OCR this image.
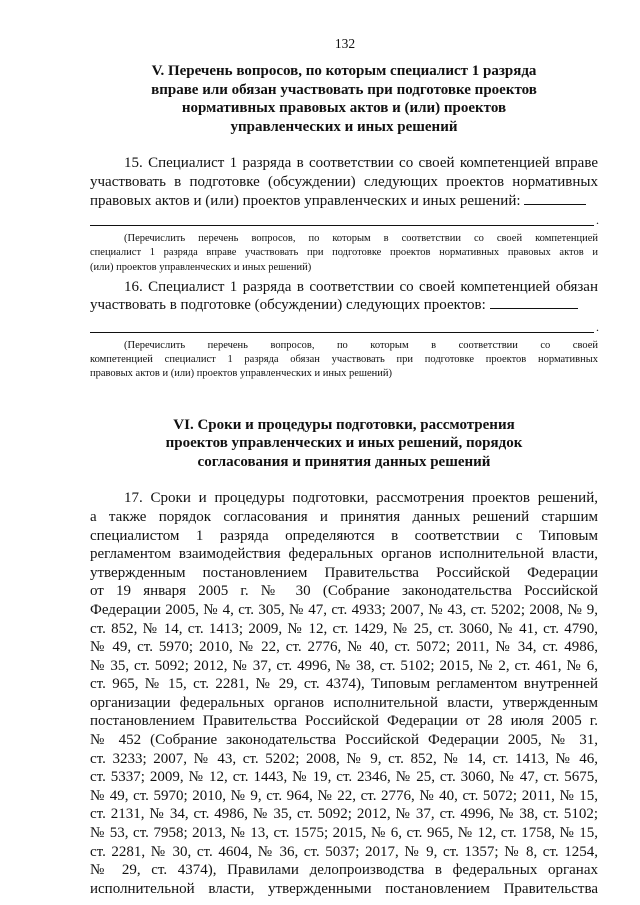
132
V. Перечень вопросов, по которым специалист 1 разряда
вправе или обязан участвовать при подготовке проектов
нормативных правовых актов и (или) проектов
управленческих и иных решений
15. Специалист 1 разряда в соответствии со своей компетенцией вправе
участвовать в подготовке (обсуждении) следующих проектов нормативных
правовых актов и (или) проектов управленческих и иных решений:
.
(Перечислить перечень вопросов, по которым в соответствии со своей компетенцией
специалист 1 разряда вправе участвовать при подготовке проектов нормативных правовых актов и
(или) проектов управленческих и иных решений)
16. Специалист 1 разряда в соответствии со своей компетенцией обязан
участвовать в подготовке (обсуждении) следующих проектов:
.
(Перечислить перечень вопросов, по которым в соответствии со своей
компетенцией специалист 1 разряда обязан участвовать при подготовке проектов нормативных
правовых актов и (или) проектов управленческих и иных решений)
VI. Сроки и процедуры подготовки, рассмотрения
проектов управленческих и иных решений, порядок
согласования и принятия данных решений
17. Сроки и процедуры подготовки, рассмотрения проектов решений,
а также порядок согласования и принятия данных решений старшим
специалистом 1 разряда определяются в соответствии с Типовым
регламентом взаимодействия федеральных органов исполнительной власти,
утвержденным постановлением Правительства Российской Федерации
от 19 января 2005 г. № 30 (Собрание законодательства Российской
Федерации 2005, № 4, ст. 305, № 47, ст. 4933; 2007, № 43, ст. 5202; 2008, № 9,
ст. 852, № 14, ст. 1413; 2009, № 12, ст. 1429, № 25, ст. 3060, № 41, ст. 4790,
№ 49, ст. 5970; 2010, № 22, ст. 2776, № 40, ст. 5072; 2011, № 34, ст. 4986,
№ 35, ст. 5092; 2012, № 37, ст. 4996, № 38, ст. 5102; 2015, № 2, ст. 461, № 6,
ст. 965, № 15, ст. 2281, № 29, ст. 4374), Типовым регламентом внутренней
организации федеральных органов исполнительной власти, утвержденным
постановлением Правительства Российской Федерации от 28 июля 2005 г.
№ 452 (Собрание законодательства Российской Федерации 2005, № 31,
ст. 3233; 2007, № 43, ст. 5202; 2008, № 9, ст. 852, № 14, ст. 1413, № 46,
ст. 5337; 2009, № 12, ст. 1443, № 19, ст. 2346, № 25, ст. 3060, № 47, ст. 5675,
№ 49, ст. 5970; 2010, № 9, ст. 964, № 22, ст. 2776, № 40, ст. 5072; 2011, № 15,
ст. 2131, № 34, ст. 4986, № 35, ст. 5092; 2012, № 37, ст. 4996, № 38, ст. 5102;
№ 53, ст. 7958; 2013, № 13, ст. 1575; 2015, № 6, ст. 965, № 12, ст. 1758, № 15,
ст. 2281, № 30, ст. 4604, № 36, ст. 5037; 2017, № 9, ст. 1357; № 8, ст. 1254,
№ 29, ст. 4374), Правилами делопроизводства в федеральных органах
исполнительной власти, утвержденными постановлением Правительства
